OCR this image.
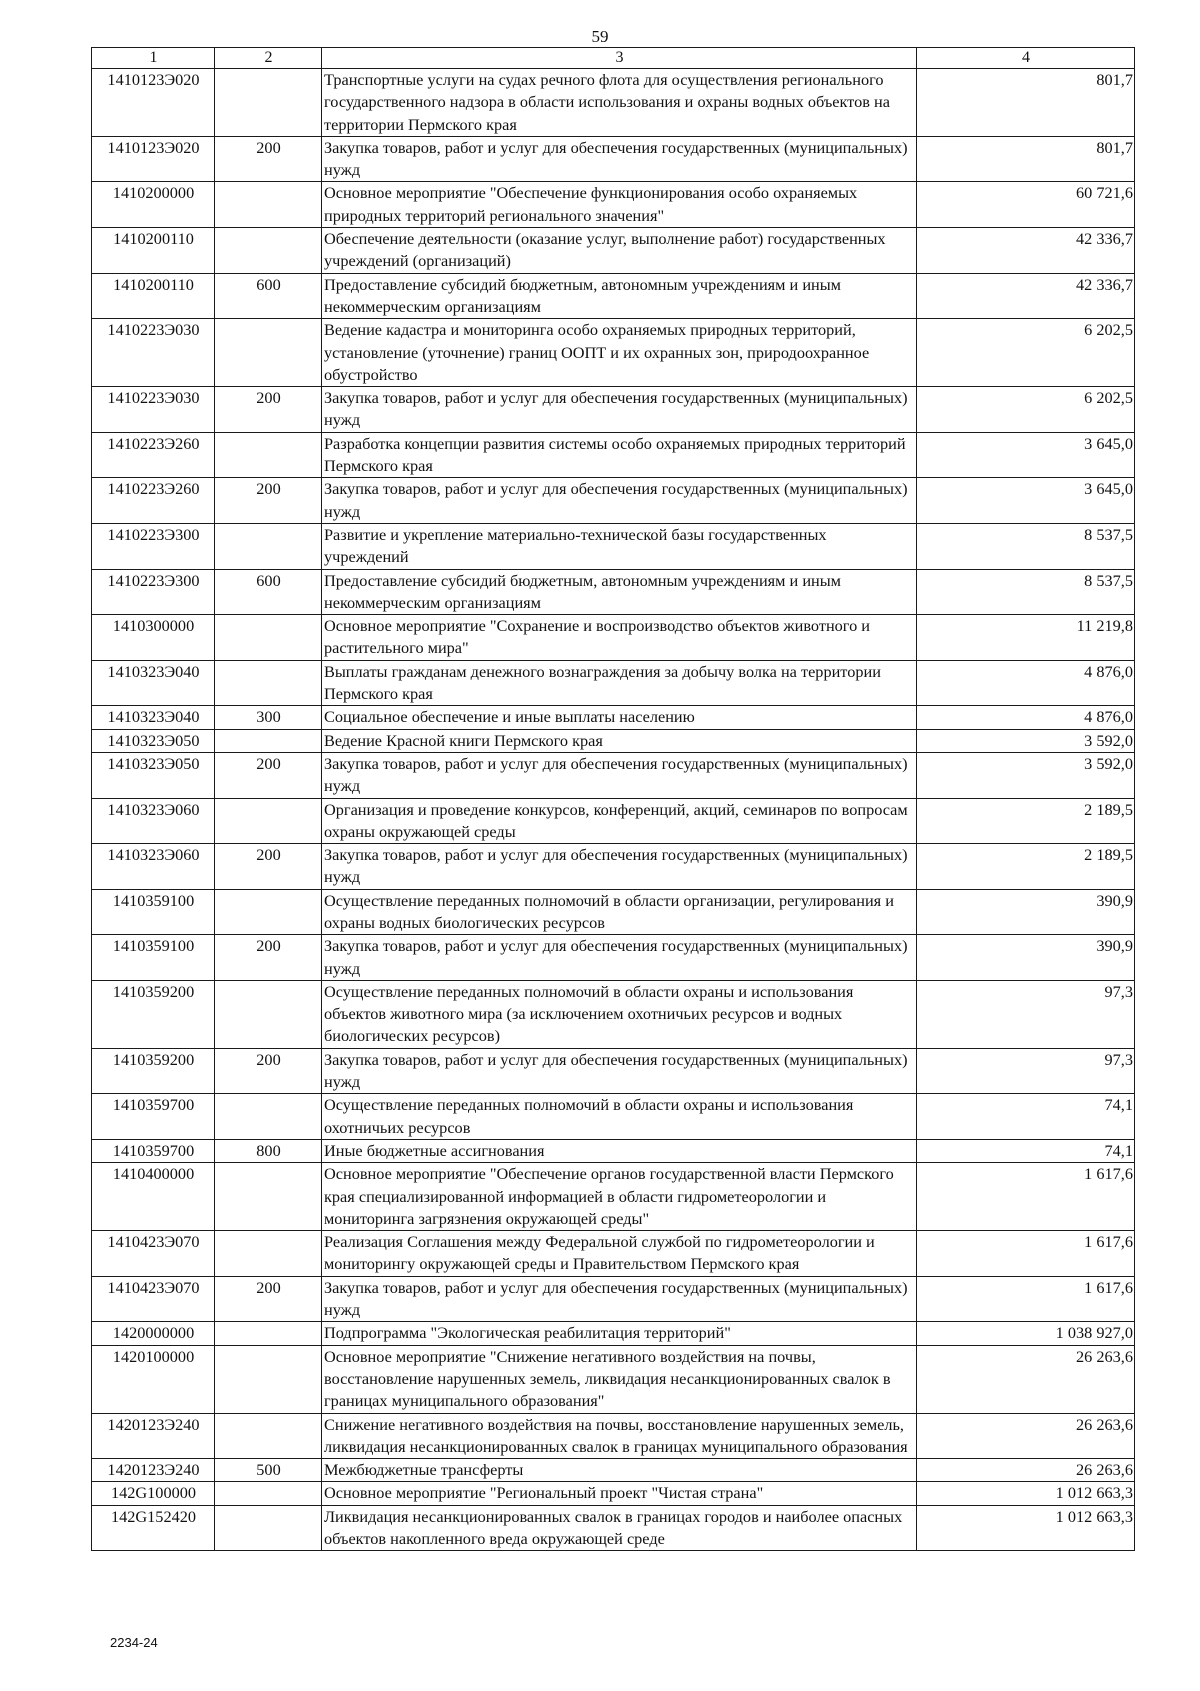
59
1	2	3	4
1410123Э020		Транспортные услуги на судах речного флота для осуществления регионального государственного надзора в области использования и охраны водных объектов на территории Пермского края	801,7
1410123Э020	200	Закупка товаров, работ и услуг для обеспечения государственных (муниципальных) нужд	801,7
1410200000		Основное мероприятие "Обеспечение функционирования особо охраняемых природных территорий регионального значения"	60 721,6
1410200110		Обеспечение деятельности (оказание услуг, выполнение работ) государственных учреждений (организаций)	42 336,7
1410200110	600	Предоставление субсидий бюджетным, автономным учреждениям и иным некоммерческим организациям	42 336,7
1410223Э030		Ведение кадастра и мониторинга особо охраняемых природных территорий, установление (уточнение) границ ООПТ и их охранных зон, природоохранное обустройство	6 202,5
1410223Э030	200	Закупка товаров, работ и услуг для обеспечения государственных (муниципальных) нужд	6 202,5
1410223Э260		Разработка концепции развития системы особо охраняемых природных территорий Пермского края	3 645,0
1410223Э260	200	Закупка товаров, работ и услуг для обеспечения государственных (муниципальных) нужд	3 645,0
1410223Э300		Развитие и укрепление материально-технической базы государственных учреждений	8 537,5
1410223Э300	600	Предоставление субсидий бюджетным, автономным учреждениям и иным некоммерческим организациям	8 537,5
1410300000		Основное мероприятие "Сохранение и воспроизводство объектов животного и растительного мира"	11 219,8
1410323Э040		Выплаты гражданам денежного вознаграждения за добычу волка на территории Пермского края	4 876,0
1410323Э040	300	Социальное обеспечение и иные выплаты населению	4 876,0
1410323Э050		Ведение Красной книги Пермского края	3 592,0
1410323Э050	200	Закупка товаров, работ и услуг для обеспечения государственных (муниципальных) нужд	3 592,0
1410323Э060		Организация и проведение конкурсов, конференций, акций, семинаров по вопросам охраны окружающей среды	2 189,5
1410323Э060	200	Закупка товаров, работ и услуг для обеспечения государственных (муниципальных) нужд	2 189,5
1410359100		Осуществление переданных полномочий в области организации, регулирования и охраны водных биологических ресурсов	390,9
1410359100	200	Закупка товаров, работ и услуг для обеспечения государственных (муниципальных) нужд	390,9
1410359200		Осуществление переданных полномочий в области охраны и использования объектов животного мира (за исключением охотничьих ресурсов и водных биологических ресурсов)	97,3
1410359200	200	Закупка товаров, работ и услуг для обеспечения государственных (муниципальных) нужд	97,3
1410359700		Осуществление переданных полномочий в области охраны и использования охотничьих ресурсов	74,1
1410359700	800	Иные бюджетные ассигнования	74,1
1410400000		Основное мероприятие "Обеспечение органов государственной власти Пермского края специализированной информацией в области гидрометеорологии и мониторинга загрязнения окружающей среды"	1 617,6
1410423Э070		Реализация Соглашения между Федеральной службой по гидрометеорологии и мониторингу окружающей среды и Правительством Пермского края	1 617,6
1410423Э070	200	Закупка товаров, работ и услуг для обеспечения государственных (муниципальных) нужд	1 617,6
1420000000		Подпрограмма "Экологическая реабилитация территорий"	1 038 927,0
1420100000		Основное мероприятие "Снижение негативного воздействия на почвы, восстановление нарушенных земель, ликвидация несанкционированных свалок в границах муниципального образования"	26 263,6
1420123Э240		Снижение негативного воздействия на почвы, восстановление нарушенных земель, ликвидация несанкционированных свалок в границах муниципального образования	26 263,6
1420123Э240	500	Межбюджетные трансферты	26 263,6
142G100000		Основное мероприятие "Региональный проект "Чистая страна"	1 012 663,3
142G152420		Ликвидация несанкционированных свалок в границах городов и наиболее опасных объектов накопленного вреда окружающей среде	1 012 663,3
2234-24
